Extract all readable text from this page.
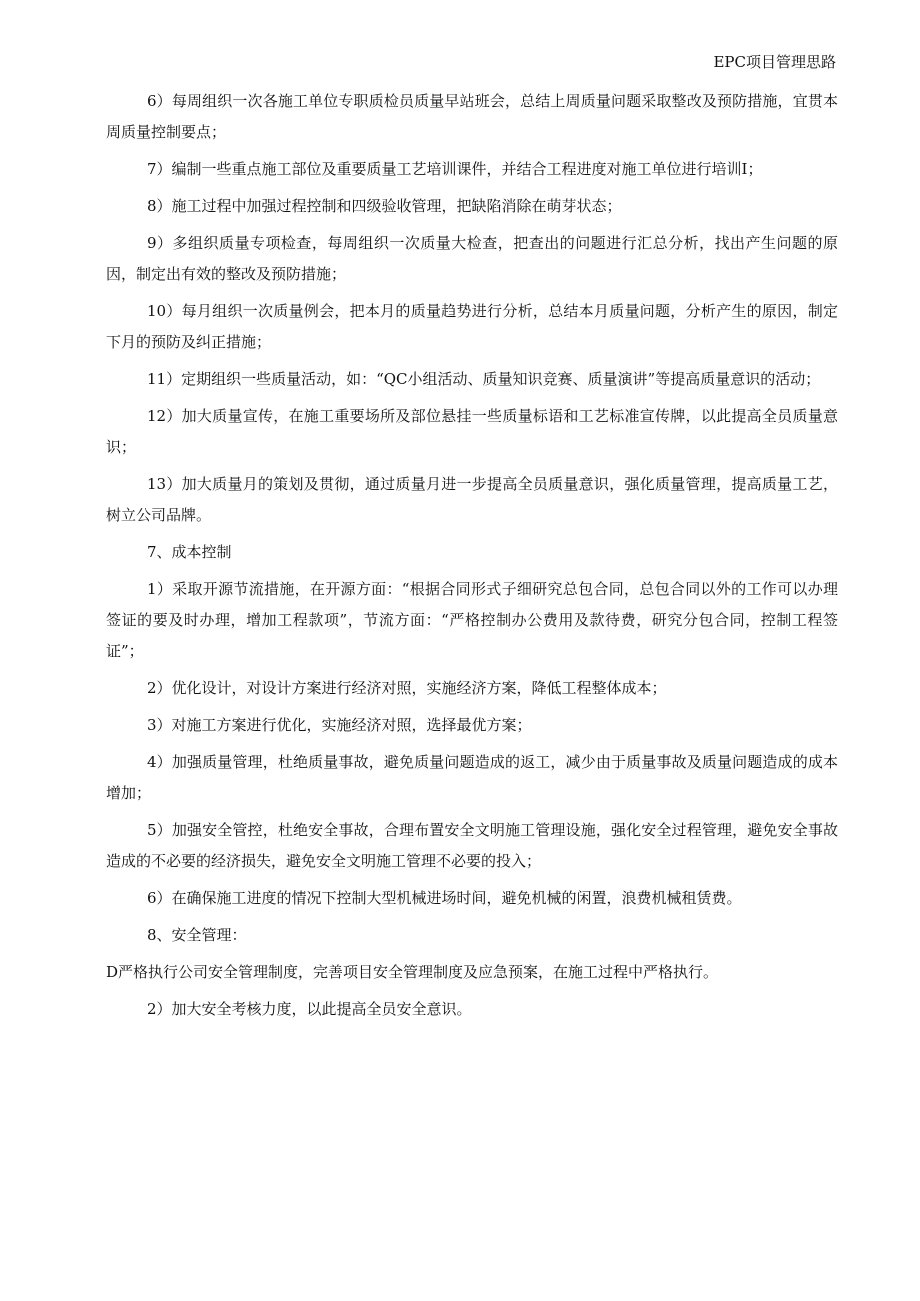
EPC项目管理思路

6）每周组织一次各施工单位专职质检员质量早站班会，总结上周质量问题采取整改及预防措施，宜贯本周质量控制要点；

7）编制一些重点施工部位及重要质量工艺培训课件，并结合工程进度对施工单位进行培训I；

8）施工过程中加强过程控制和四级验收管理，把缺陷消除在萌芽状态；

9）多组织质量专项检查，每周组织一次质量大检查，把查出的问题进行汇总分析，找出产生问题的原因，制定出有效的整改及预防措施；

10）每月组织一次质量例会，把本月的质量趋势进行分析，总结本月质量问题，分析产生的原因，制定下月的预防及纠正措施；

11）定期组织一些质量活动，如：“QC小组活动、质量知识竞赛、质量演讲”等提高质量意识的活动；

12）加大质量宣传，在施工重要场所及部位悬挂一些质量标语和工艺标准宣传牌，以此提高全员质量意识；

13）加大质量月的策划及贯彻，通过质量月进一步提高全员质量意识，强化质量管理，提高质量工艺，树立公司品牌。

7、成本控制

1）采取开源节流措施，在开源方面：“根据合同形式子细研究总包合同，总包合同以外的工作可以办理签证的要及时办理，增加工程款项”，节流方面：“严格控制办公费用及款待费，研究分包合同，控制工程签证”；

2）优化设计，对设计方案进行经济对照，实施经济方案，降低工程整体成本；

3）对施工方案进行优化，实施经济对照，选择最优方案；

4）加强质量管理，杜绝质量事故，避免质量问题造成的返工，减少由于质量事故及质量问题造成的成本增加；

5）加强安全管控，杜绝安全事故，合理布置安全文明施工管理设施，强化安全过程管理，避免安全事故造成的不必要的经济损失，避免安全文明施工管理不必要的投入；

6）在确保施工进度的情况下控制大型机械进场时间，避免机械的闲置，浪费机械租赁费。

8、安全管理：

D严格执行公司安全管理制度，完善项目安全管理制度及应急预案，在施工过程中严格执行。

2）加大安全考核力度，以此提高全员安全意识。
